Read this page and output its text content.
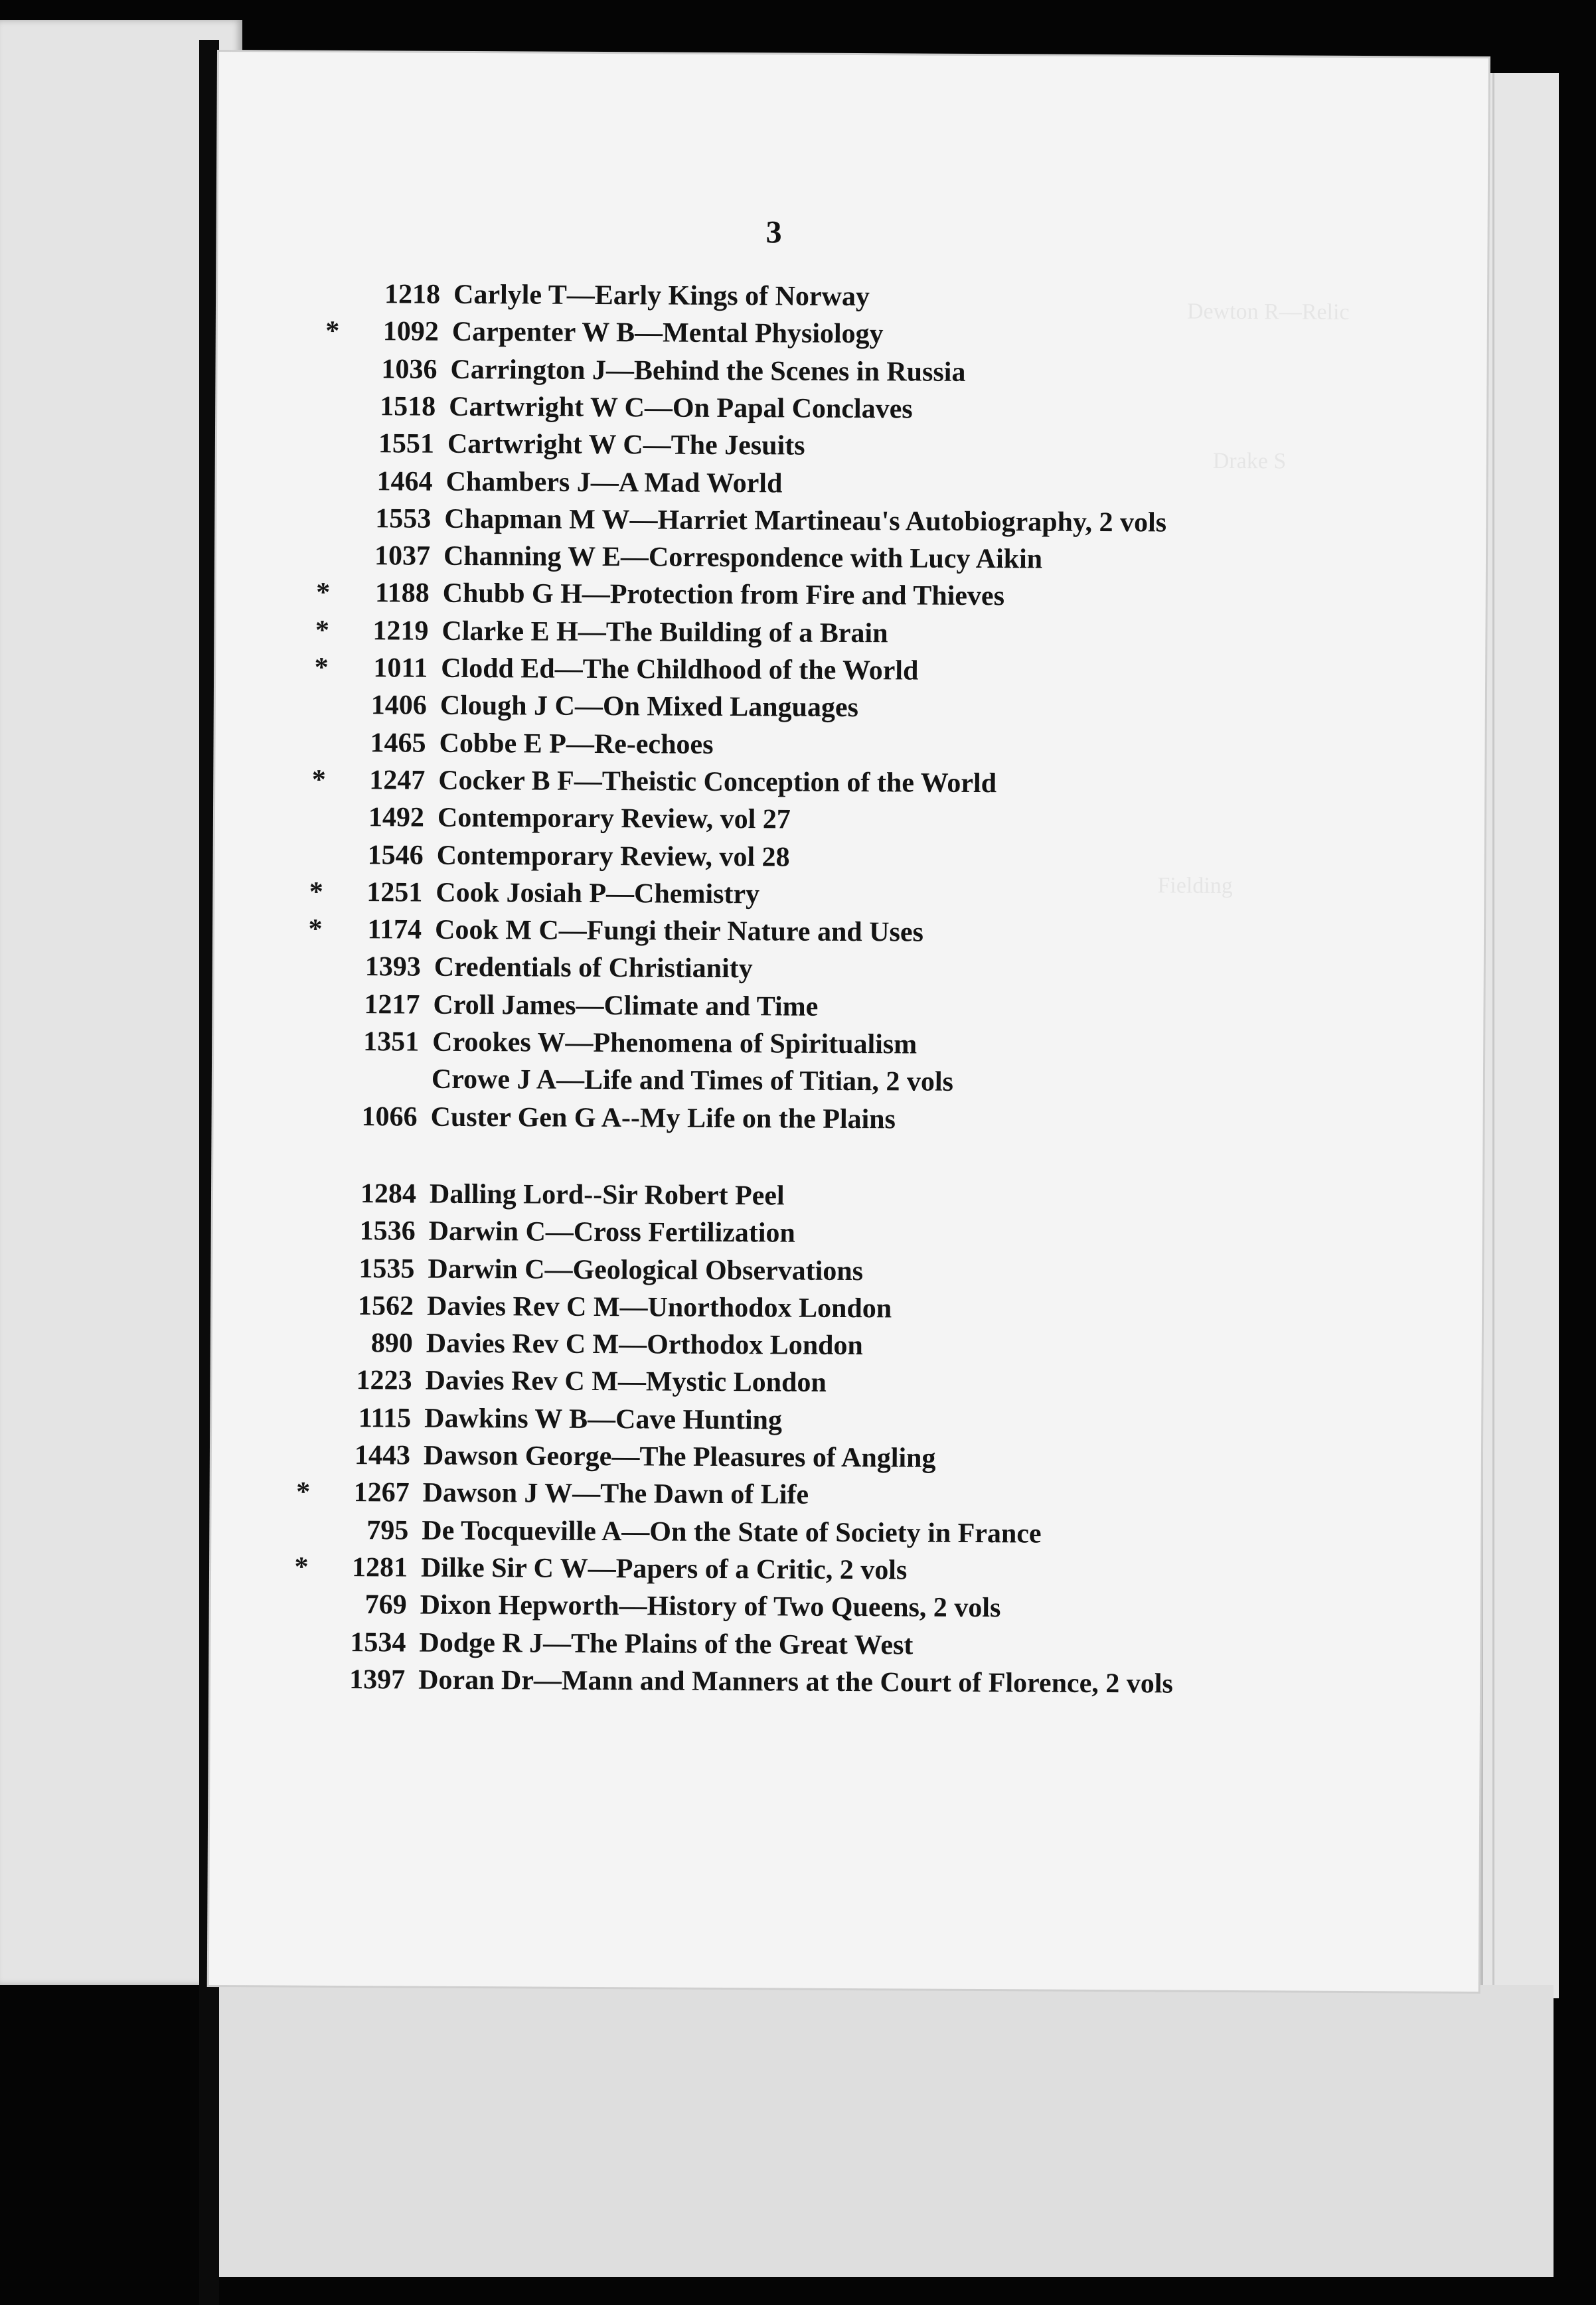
3
Dewton R—Relic
Drake S
Fielding
1218 Carlyle T—Early Kings of Norway
*	1092 Carpenter W B—Mental Physiology
1036 Carrington J—Behind the Scenes in Russia
1518 Cartwright W C—On Papal Conclaves
1551 Cartwright W C—The Jesuits
1464 Chambers J—A Mad World
1553 Chapman M W—Harriet Martineau's Autobiography, 2 vols
1037 Channing W E—Correspondence with Lucy Aikin
*	1188 Chubb G H—Protection from Fire and Thieves
*	1219 Clarke E H—The Building of a Brain
*	1011 Clodd Ed—The Childhood of the World
1406 Clough J C—On Mixed Languages
1465 Cobbe E P—Re-echoes
*	1247 Cocker B F—Theistic Conception of the World
1492 Contemporary Review, vol 27
1546 Contemporary Review, vol 28
*	1251 Cook Josiah P—Chemistry
*	1174 Cook M C—Fungi their Nature and Uses
1393 Credentials of Christianity
1217 Croll James—Climate and Time
1351 Crookes W—Phenomena of Spiritualism
Crowe J A—Life and Times of Titian, 2 vols
1066 Custer Gen G A--My Life on the Plains
1284 Dalling Lord--Sir Robert Peel
1536 Darwin C—Cross Fertilization
1535 Darwin C—Geological Observations
1562 Davies Rev C M—Unorthodox London
890 Davies Rev C M—Orthodox London
1223 Davies Rev C M—Mystic London
1115 Dawkins W B—Cave Hunting
1443 Dawson George—The Pleasures of Angling
*	1267 Dawson J W—The Dawn of Life
795 De Tocqueville A—On the State of Society in France
*	1281 Dilke Sir C W—Papers of a Critic, 2 vols
769 Dixon Hepworth—History of Two Queens, 2 vols
1534 Dodge R J—The Plains of the Great West
1397 Doran Dr—Mann and Manners at the Court of Florence, 2 vols
